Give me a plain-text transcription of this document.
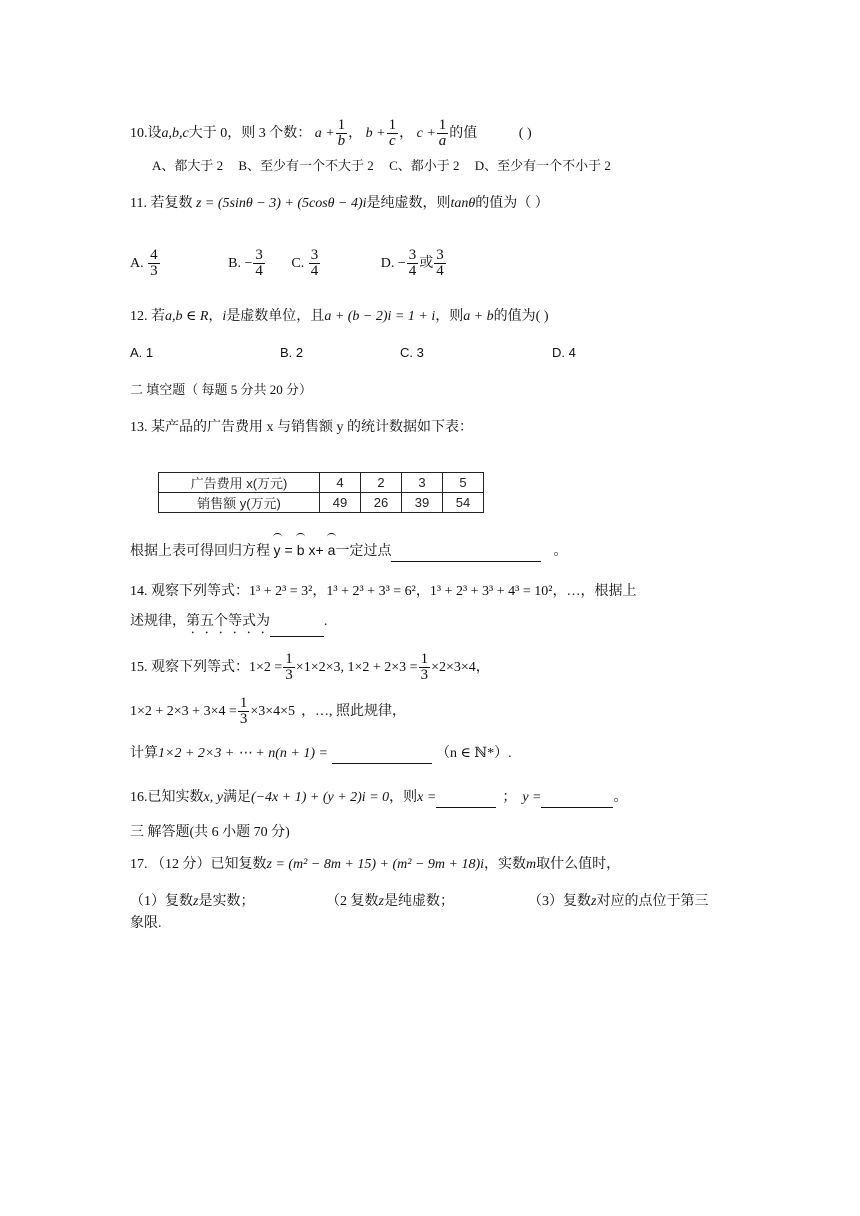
10.设a,b,c大于 0，则 3 个数： $a + \frac{1}{b}$ ， $b + \frac{1}{c}$ ， $c + \frac{1}{a}$ 的值	( )
A、都大于 2 B、至少有一个不大于 2 C、都小于 2 D、至少有一个不小于 2
11. 若复数 z = (5sinθ − 3) + (5cosθ − 4)i是纯虚数，则tanθ的值为（ ）
A. $\frac{4}{3}$	B. − $\frac{3}{4} C$. $\frac{3}{4}$	D. − $\frac{3}{4}$ 或 $\frac{3}{4}$
12. 若a,b ∈ R，i是虚数单位，且a + (b − 2)i = 1 + i，则a + b的值为( )
A. 1	B. 2	C. 3	D. 4
二 填空题（ 每题 5 分共 20 分）
13. 某产品的广告费用 x 与销售额 y 的统计数据如下表：
广告费用 x(万元)	4	2	3	5
销售额 y(万元)	49	26	39	54
根据上表可得回归方程 y = b x+ a一定过点	。
14. 观察下列等式：1³ + 2³ = 3²，1³ + 2³ + 3³ = 6²，1³ + 2³ + 3³ + 4³ = 10²，…，根据上
述规律，第五个等式为	.
15. 观察下列等式：$1\times 2 = \frac{1}{3} \times 1\times 2\times 3$, $1\times 2 + 2\times 3 = \frac{1}{3} \times 2\times 3\times 4$，
$1\times 2 + 2\times 3 + 3\times 4 = \frac{1}{3} \times 3\times 4\times 5$ ，…, 照此规律，
计算1×2 + 2×3 + ⋯ + n(n + 1) =	（n ∈ ℕ*）.
16.已知实数x, y满足(−4x + 1) + (y + 2)i = 0，则x =	； y =	。
三 解答题(共 6 小题 70 分)
17. （12 分）已知复数z = (m² − 8m + 15) + (m² − 9m + 18)i，实数m取什么值时，
（1）复数z是实数；	（2 复数z是纯虚数；	（3）复数z对应的点位于第三
象限.
